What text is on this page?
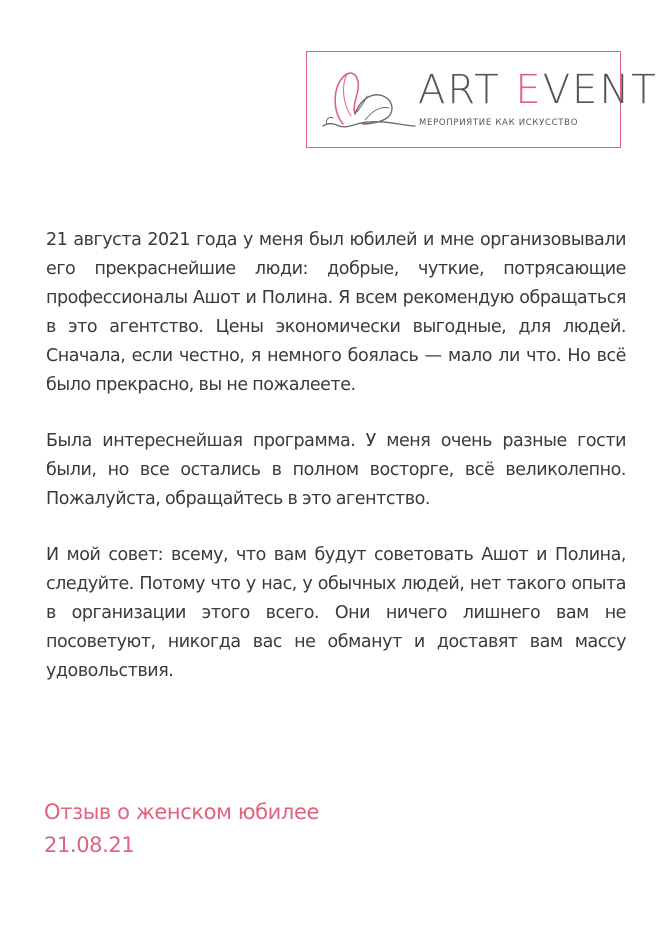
ART EVENT
МЕРОПРИЯТИЕ КАК ИСКУССТВО

21 августа 2021 года у меня был юбилей и мне организовывали его прекраснейшие люди: добрые, чуткие, потрясающие профессионалы Ашот и Полина. Я всем рекомендую обращаться в это агентство. Цены экономически выгодные, для людей. Сначала, если честно, я немного боялась — мало ли что. Но всё было прекрасно, вы не пожалеете.

Была интереснейшая программа. У меня очень разные гости были, но все остались в полном восторге, всё великолепно. Пожалуйста, обращайтесь в это агентство.

И мой совет: всему, что вам будут советовать Ашот и Полина, следуйте. Потому что у нас, у обычных людей, нет такого опыта в организации этого всего. Они ничего лишнего вам не посоветуют, никогда вас не обманут и доставят вам массу удовольствия.

Отзыв о женском юбилее
21.08.21
